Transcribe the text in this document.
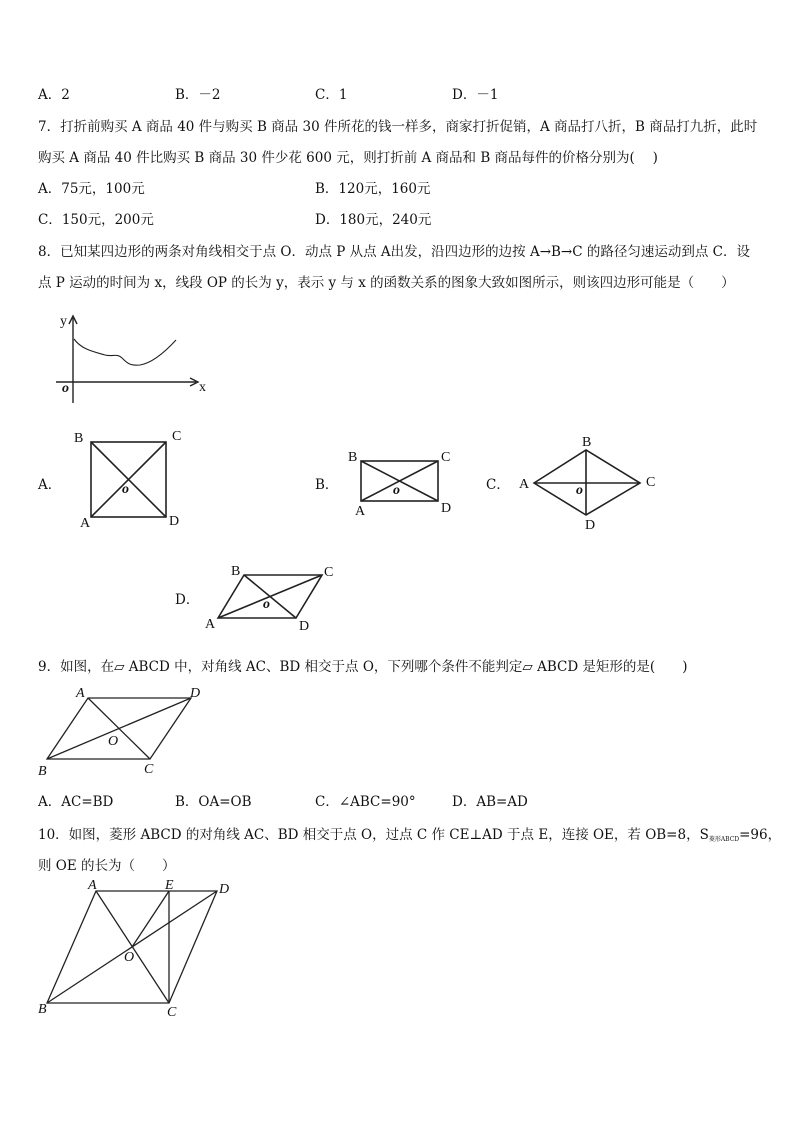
A．2	B．－2	C．1	D．－1
7．打折前购买 A 商品 40 件与购买 B 商品 30 件所花的钱一样多，商家打折促销，A 商品打八折，B 商品打九折，此时
购买 A 商品 40 件比购买 B 商品 30 件少花 600 元，则打折前 A 商品和 B 商品每件的价格分别为(　 )
A．75元，100元	B．120元，160元
C．150元，200元	D．180元，240元
8．已知某四边形的两条对角线相交于点 O．动点 P 从点 A出发，沿四边形的边按 A→B→C 的路径匀速运动到点 C．设
点 P 运动的时间为 x，线段 OP 的长为 y，表示 y 与 x 的函数关系的图象大致如图所示，则该四边形可能是（　　）
y
x
o
A．	B．	C．
D．
B	C
A	D
o
B	C
A	D
o
B
A	C
D
o
B	C
A	D
o
9．如图，在▱ ABCD 中，对角线 AC、BD 相交于点 O，下列哪个条件不能判定▱ ABCD 是矩形的是(　　)
A	D
B	C
O
A．AC=BD	B．OA=OB	C．∠ABC=90°	D．AB=AD
10．如图，菱形 ABCD 的对角线 AC、BD 相交于点 O，过点 C 作 CE⊥AD 于点 E，连接 OE，若 OB=8，S菱形ABCD=96，
则 OE 的长为（　　）
A	E	D
O
B	C
